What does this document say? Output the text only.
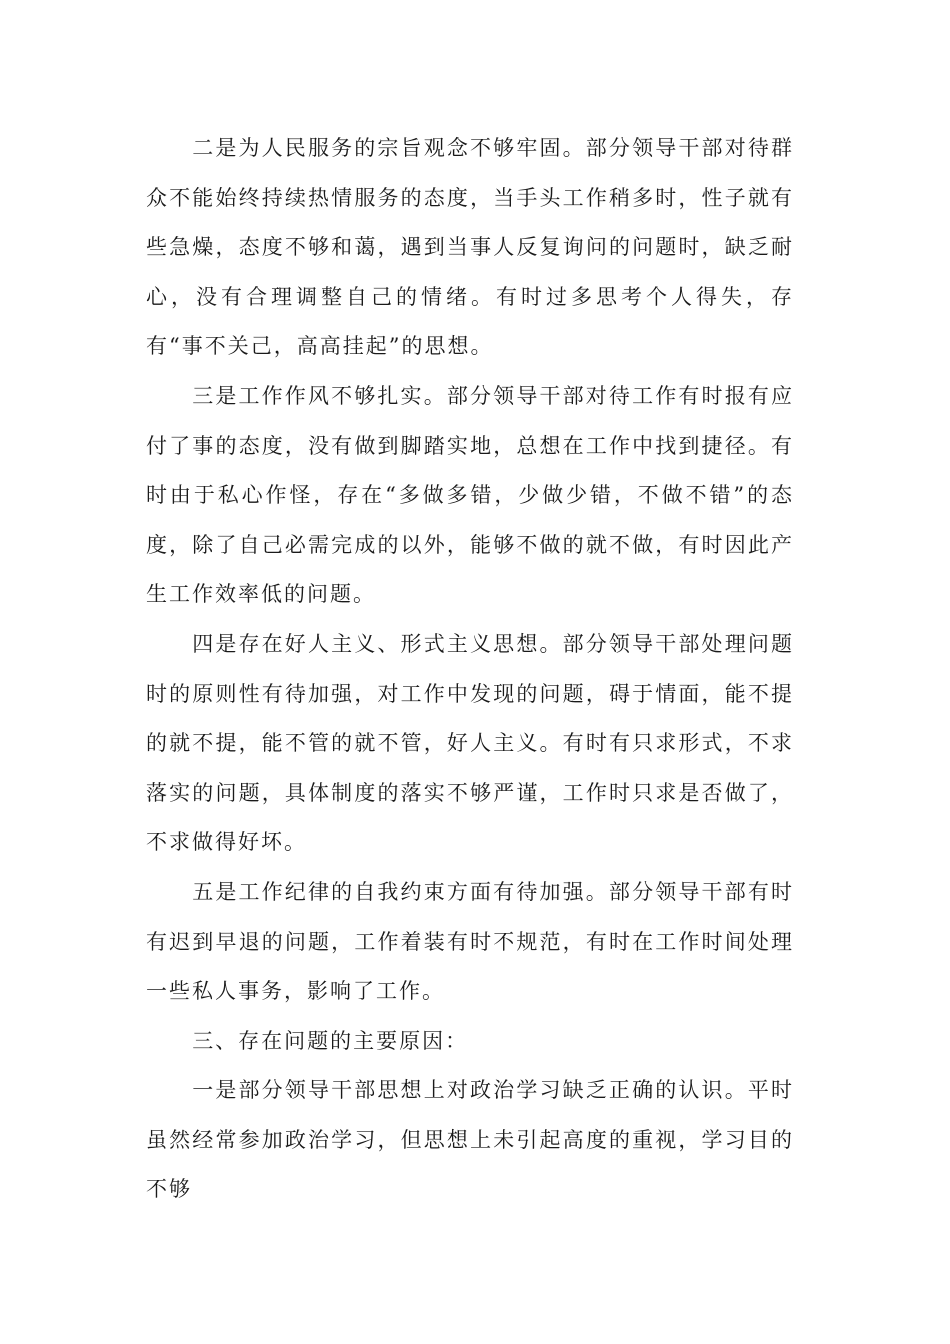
二是为人民服务的宗旨观念不够牢固。部分领导干部对待群众不能始终持续热情服务的态度，当手头工作稍多时，性子就有些急燥，态度不够和蔼，遇到当事人反复询问的问题时，缺乏耐心，没有合理调整自己的情绪。有时过多思考个人得失，存有“事不关己，高高挂起”的思想。

三是工作作风不够扎实。部分领导干部对待工作有时报有应付了事的态度，没有做到脚踏实地，总想在工作中找到捷径。有时由于私心作怪，存在“多做多错，少做少错，不做不错”的态度，除了自己必需完成的以外，能够不做的就不做，有时因此产生工作效率低的问题。

四是存在好人主义、形式主义思想。部分领导干部处理问题时的原则性有待加强，对工作中发现的问题，碍于情面，能不提的就不提，能不管的就不管，好人主义。有时有只求形式，不求落实的问题，具体制度的落实不够严谨，工作时只求是否做了，不求做得好坏。

五是工作纪律的自我约束方面有待加强。部分领导干部有时有迟到早退的问题，工作着装有时不规范，有时在工作时间处理一些私人事务，影响了工作。

三、存在问题的主要原因：

一是部分领导干部思想上对政治学习缺乏正确的认识。平时虽然经常参加政治学习，但思想上未引起高度的重视，学习目的不够
